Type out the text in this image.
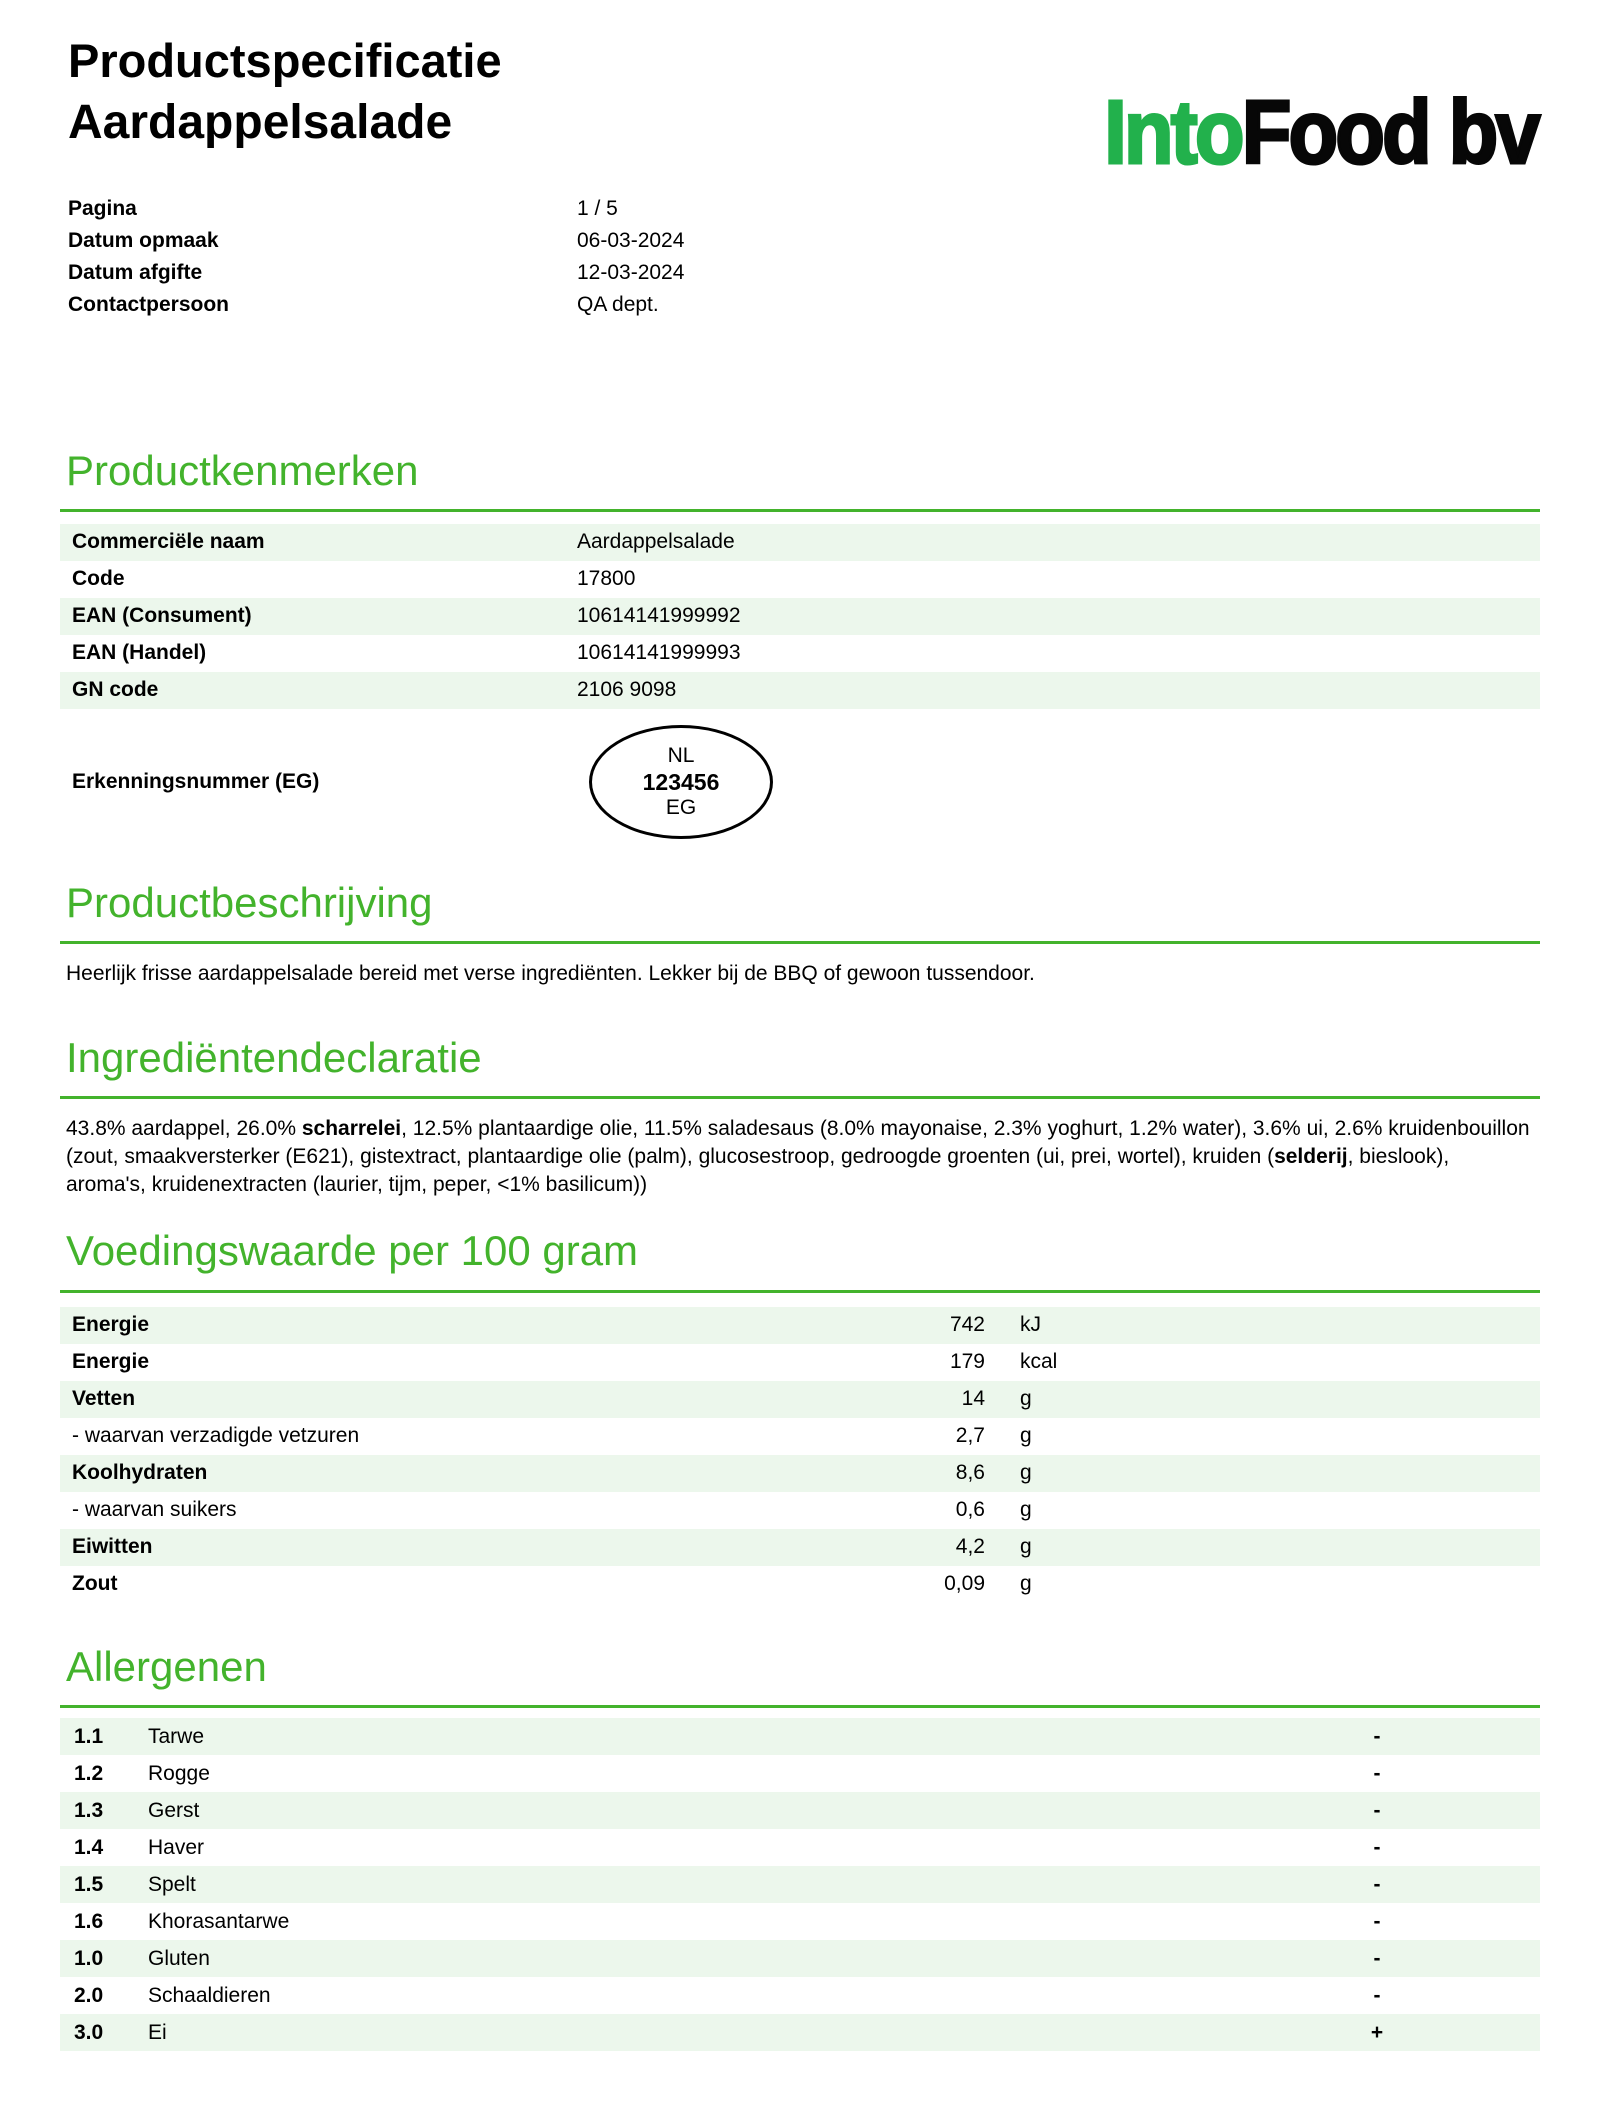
Productspecificatie
IntoFood bv
Aardappelsalade
Pagina	1 / 5
Datum opmaak	06-03-2024
Datum afgifte	12-03-2024
Contactpersoon	QA dept.
Productkenmerken
Commerciële naam	Aardappelsalade
Code	17800
EAN (Consument)	10614141999992
EAN (Handel)	10614141999993
GN code	2106 9098
Erkenningsnummer (EG)
NL
123456
EG
Productbeschrijving

Heerlijk frisse aardappelsalade bereid met verse ingrediënten. Lekker bij de BBQ of gewoon tussendoor.

Ingrediëntendeclaratie

43.8% aardappel, 26.0% scharrelei, 12.5% plantaardige olie, 11.5% saladesaus (8.0% mayonaise, 2.3% yoghurt, 1.2% water), 3.6% ui, 2.6% kruidenbouillon (zout, smaakversterker (E621), gistextract, plantaardige olie (palm), glucosestroop, gedroogde groenten (ui, prei, wortel), kruiden (selderij, bieslook), aroma's, kruidenextracten (laurier, tijm, peper, <1% basilicum))

Voedingswaarde per 100 gram
Energie	742 kJ
Energie	179 kcal
Vetten	14 g
- waarvan verzadigde vetzuren	2,7 g
Koolhydraten	8,6 g
- waarvan suikers	0,6 g
Eiwitten	4,2 g
Zout	0,09 g
Allergenen
1.1	Tarwe	-
1.2	Rogge	-
1.3	Gerst	-
1.4	Haver	-
1.5	Spelt	-
1.6	Khorasantarwe	-
1.0	Gluten	-
2.0	Schaaldieren	-
3.0	Ei	+
